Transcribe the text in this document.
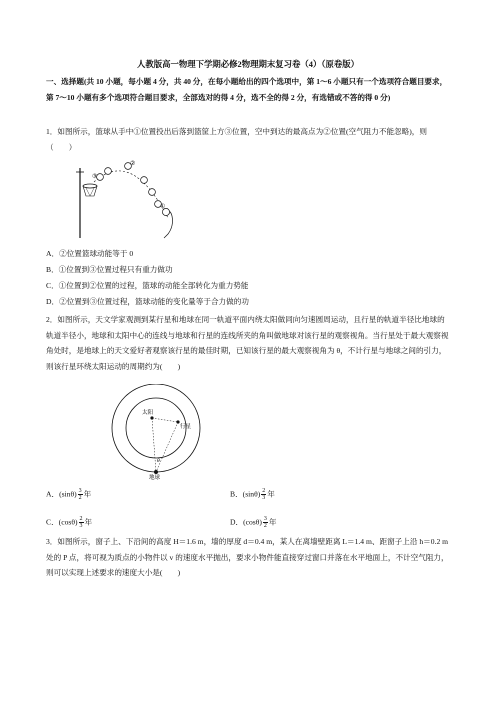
人教版高一物理下学期必修2物理期末复习卷（4）（原卷版）
一、选择题(共 10 小题，每小题 4 分，共 40 分，在每小题给出的四个选项中，第 1～6 小题只有一个选项符合题目要求，第 7～10 小题有多个选项符合题目要求，全部选对的得 4 分，选不全的得 2 分，有选错或不答的得 0 分)
1．如图所示，篮球从手中①位置投出后落到篮筐上方③位置，空中到达的最高点为②位置(空气阻力不能忽略)，则（　　）
③
②
①
A．②位置篮球动能等于 0
B．①位置到③位置过程只有重力做功
C．①位置到②位置的过程，篮球的动能全部转化为重力势能
D．②位置到③位置过程，篮球动能的变化量等于合力做的功
2．如图所示，天文学家观测到某行星和地球在同一轨道平面内绕太阳做同向匀速圆周运动，且行星的轨道半径比地球的轨道半径小，地球和太阳中心的连线与地球和行星的连线所夹的角叫做地球对该行星的观察视角。当行星处于最大观察视角处时，是地球上的天文爱好者观察该行星的最佳时期，已知该行星的最大观察视角为 θ，不计行星与地球之间的引力，则该行星环绕太阳运动的周期约为(　　)
太阳
行星
地球
θ
A．$(\sin\theta) \frac{3}{2}$ 年	B．$(\sin\theta) \frac{2}{3}$ 年
C．$(\cos\theta) \frac{2}{3}$ 年	D．$(\cos\theta) \frac{3}{2}$ 年
3．如图所示，窗子上、下沿间的高度 H＝1.6 m，墙的厚度 d＝0.4 m，某人在离墙壁距离 L＝1.4 m、距窗子上沿 h＝0.2 m 处的 P 点，将可视为质点的小物件以 v 的速度水平抛出，要求小物件能直接穿过窗口并落在水平地面上，不计空气阻力，则可以实现上述要求的速度大小是(　　)
